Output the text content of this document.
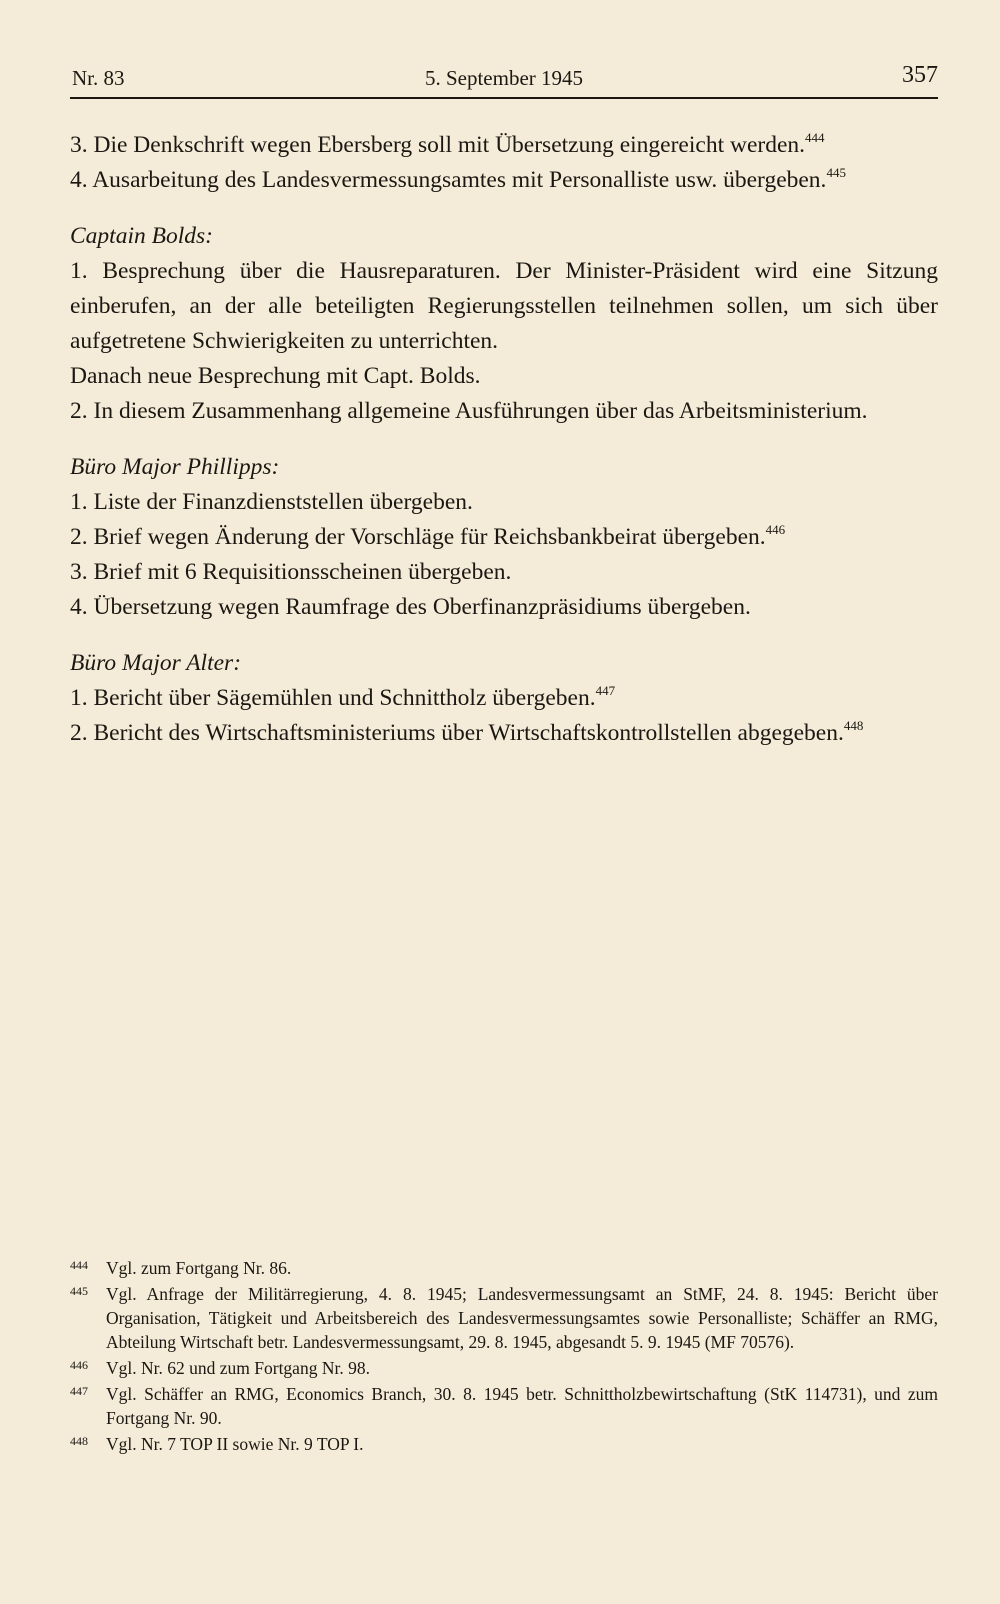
Nr. 83	5. September 1945	357

3. Die Denkschrift wegen Ebersberg soll mit Übersetzung eingereicht werden.$^{444}$

4. Ausarbeitung des Landesvermessungsamtes mit Personalliste usw. übergeben.$^{445}$

Captain Bolds:

1. Besprechung über die Hausreparaturen. Der Minister-Präsident wird eine Sitzung einberufen, an der alle beteiligten Regierungsstellen teilnehmen sollen, um sich über aufgetretene Schwierigkeiten zu unterrichten.

Danach neue Besprechung mit Capt. Bolds.

2. In diesem Zusammenhang allgemeine Ausführungen über das Arbeitsministerium.

Büro Major Phillipps:

1. Liste der Finanzdienststellen übergeben.

2. Brief wegen Änderung der Vorschläge für Reichsbankbeirat übergeben.$^{446}$

3. Brief mit 6 Requisitionsscheinen übergeben.

4. Übersetzung wegen Raumfrage des Oberfinanzpräsidiums übergeben.

Büro Major Alter:

1. Bericht über Sägemühlen und Schnittholz übergeben.$^{447}$

2. Bericht des Wirtschaftsministeriums über Wirtschaftskontrollstellen abgegeben.$^{448}$

444 Vgl. zum Fortgang Nr. 86.

445 Vgl. Anfrage der Militärregierung, 4. 8. 1945; Landesvermessungsamt an StMF, 24. 8. 1945: Bericht über Organisation, Tätigkeit und Arbeitsbereich des Landesvermessungsamtes sowie Personalliste; Schäffer an RMG, Abteilung Wirtschaft betr. Landesvermessungsamt, 29. 8. 1945, abgesandt 5. 9. 1945 (MF 70576).

446 Vgl. Nr. 62 und zum Fortgang Nr. 98.

447 Vgl. Schäffer an RMG, Economics Branch, 30. 8. 1945 betr. Schnittholzbewirtschaftung (StK 114731), und zum Fortgang Nr. 90.

448 Vgl. Nr. 7 TOP II sowie Nr. 9 TOP I.
